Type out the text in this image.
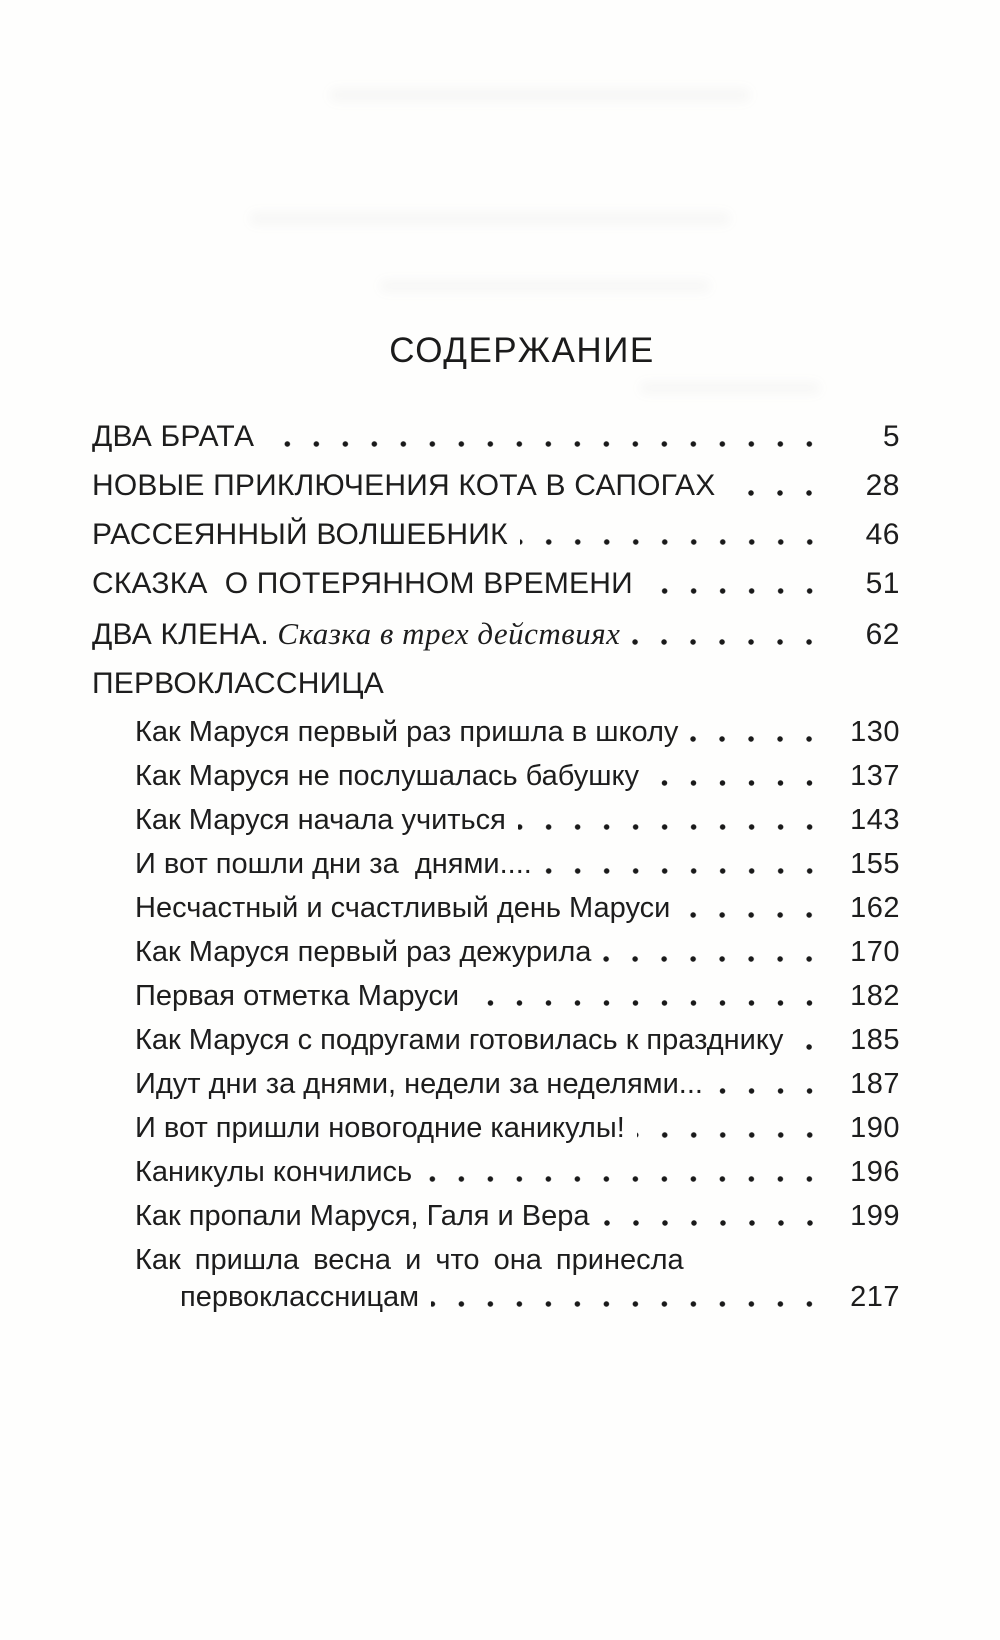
СОДЕРЖАНИЕ
ДВА БРАТА	5
НОВЫЕ ПРИКЛЮЧЕНИЯ КОТА В САПОГАХ	28
РАССЕЯННЫЙ ВОЛШЕБНИК	46
СКАЗКА  О ПОТЕРЯННОМ ВРЕМЕНИ	51
ДВА КЛЕНА. Сказка в трех действиях	62
ПЕРВОКЛАССНИЦА
Как Маруся первый раз пришла в школу	130
Как Маруся не послушалась бабушку	137
Как Маруся начала учиться	143
И вот пошли дни за  днями....	155
Несчастный и счастливый день Маруси	162
Как Маруся первый раз дежурила	170
Первая отметка Маруси	182
Как Маруся с подругами готовилась к празднику	185
Идут дни за днями, недели за неделями...	187
И вот пришли новогодние каникулы!	190
Каникулы кончились	196
Как пропали Маруся, Галя и Вера	199
Как пришла весна и что она принесла
первоклассницам	217
